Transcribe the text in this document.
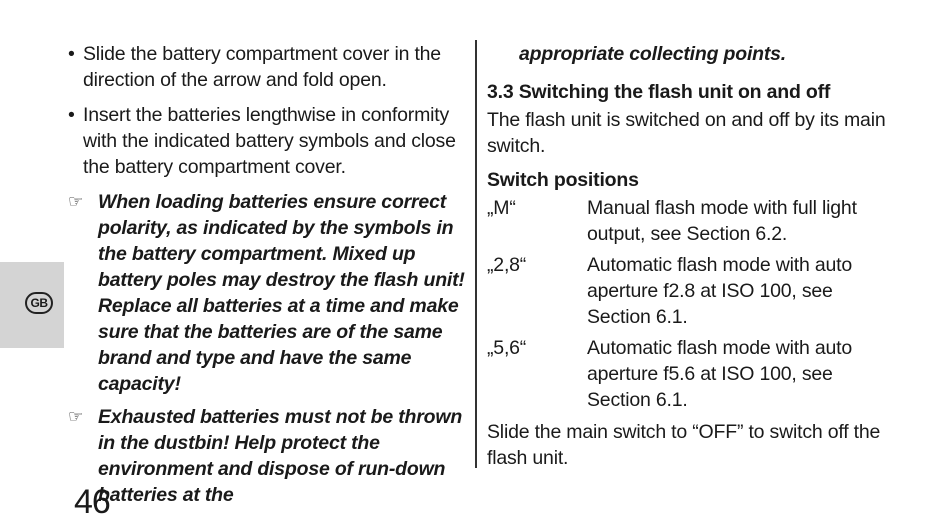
GB
• Slide the battery compartment cover in the direction of the arrow and fold open.
• Insert the batteries lengthwise in conformity with the indicated battery symbols and close the battery compartment cover.
☞ When loading batteries ensure correct polarity, as indicated by the symbols in the battery compartment. Mixed up battery poles may destroy the flash unit! Replace all batteries at a time and make sure that the batteries are of the same brand and type and have the same capacity!
☞ Exhausted batteries must not be thrown in the dustbin! Help protect the environment and dispose of run-down batteries at the
appropriate collecting points.
3.3 Switching the flash unit on and off
The flash unit is switched on and off by its main switch.
Switch positions
„M“	Manual flash mode with full light output, see Section 6.2.
„2,8“	Automatic flash mode with auto aperture f2.8 at ISO 100, see Section 6.1.
„5,6“	Automatic flash mode with auto aperture f5.6 at ISO 100, see Section 6.1.
Slide the main switch to “OFF” to switch off the flash unit.
46
